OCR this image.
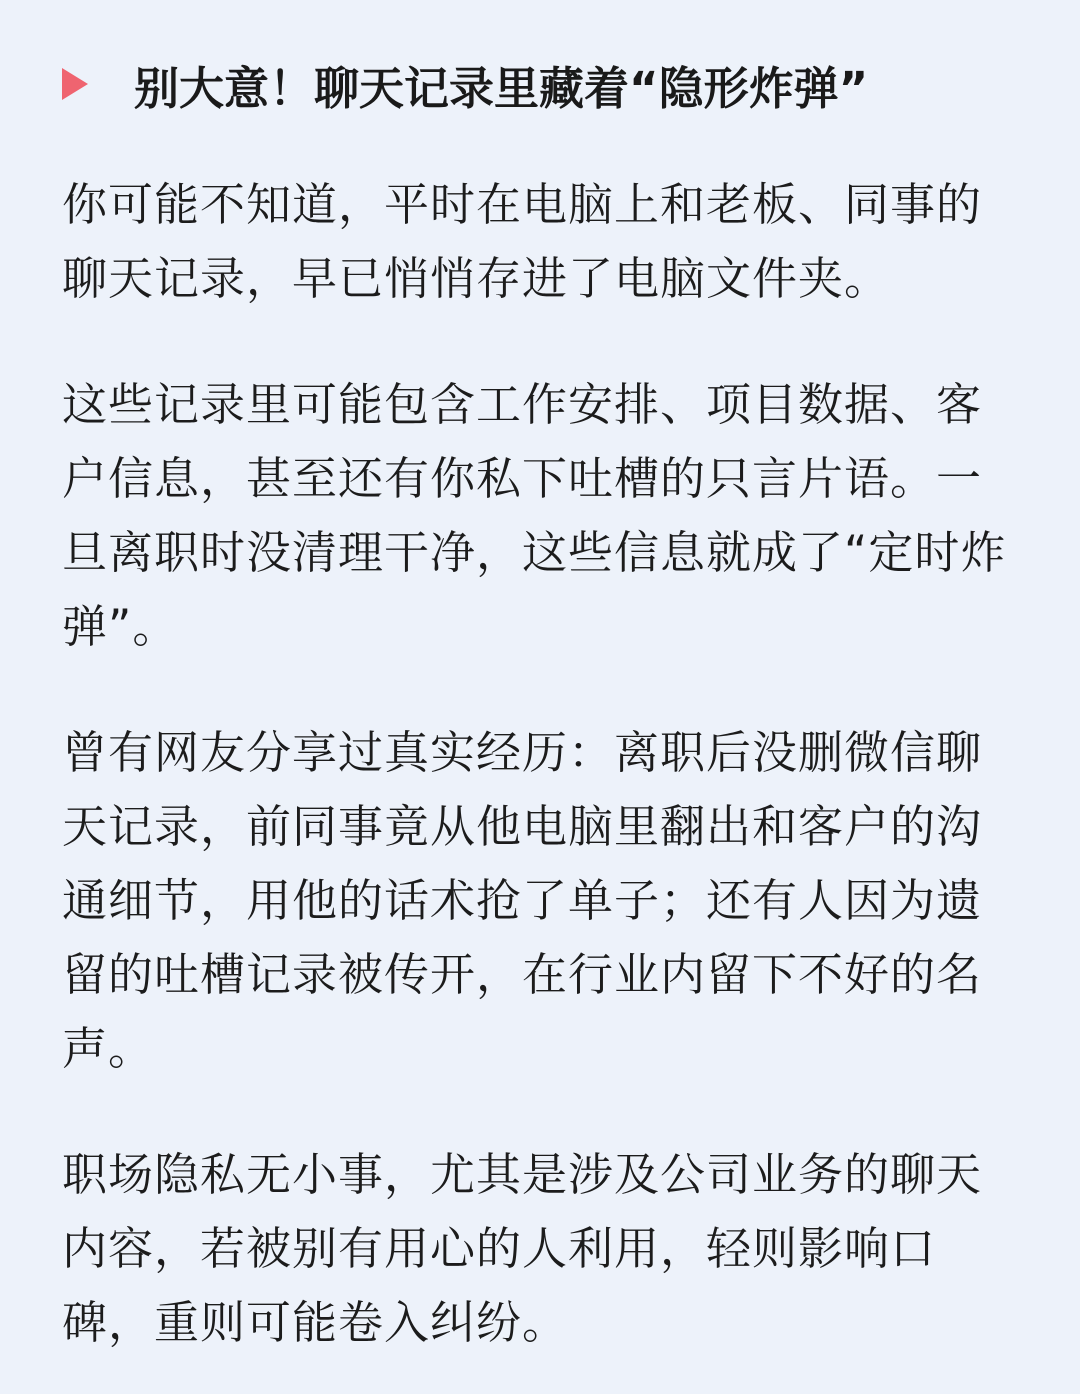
别大意！聊天记录里藏着“隐形炸弹”

你可能不知道，平时在电脑上和老板、同事的聊天记录，早已悄悄存进了电脑文件夹。

这些记录里可能包含工作安排、项目数据、客户信息，甚至还有你私下吐槽的只言片语。一旦离职时没清理干净，这些信息就成了“定时炸弹”。

曾有网友分享过真实经历：离职后没删微信聊天记录，前同事竟从他电脑里翻出和客户的沟通细节，用他的话术抢了单子；还有人因为遗留的吐槽记录被传开，在行业内留下不好的名声。

职场隐私无小事，尤其是涉及公司业务的聊天内容，若被别有用心的人利用，轻则影响口碑，重则可能卷入纠纷。
